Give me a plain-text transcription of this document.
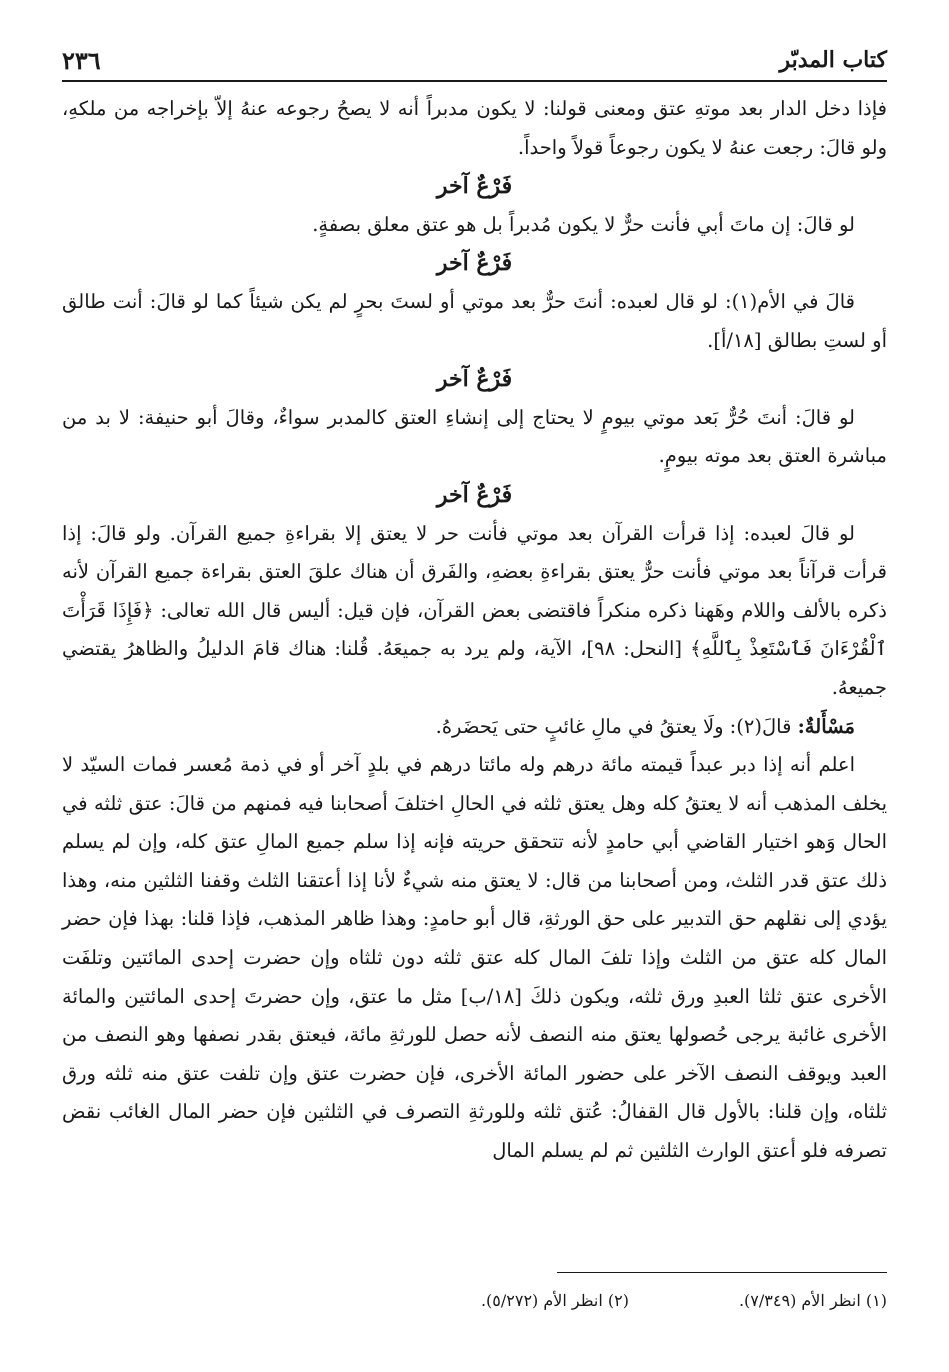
كتاب المدبّر
٢٣٦

فإذا دخل الدار بعد موتهِ عتق ومعنى قولنا: لا يكون مدبراً أنه لا يصحُ رجوعه عنهُ إلاّ بإخراجه من ملكهِ، ولو قالَ: رجعت عنهُ لا يكون رجوعاً قولاً واحداً.

فَرْعٌ آخر

لو قالَ: إن ماتَ أبي فأنت حرٌّ لا يكون مُدبراً بل هو عتق معلق بصفةٍ.

فَرْعٌ آخر

قالَ في الأم(١): لو قال لعبده: أنتَ حرٌّ بعد موتي أو لستَ بحرٍ لم يكن شيئاً كما لو قالَ: أنت طالق أو لستِ بطالق [١٨/أ].

فَرْعٌ آخر

لو قالَ: أنتَ حُرٌّ بَعد موتي بيومٍ لا يحتاج إلى إنشاءِ العتق كالمدبر سواءٌ، وقالَ أبو حنيفة: لا بد من مباشرة العتق بعد موته بيومٍ.

فَرْعٌ آخر

لو قالَ لعبده: إذا قرأت القرآن بعد موتي فأنت حر لا يعتق إلا بقراءةِ جميع القرآن. ولو قالَ: إذا قرأت قرآناً بعد موتي فأنت حرٌّ يعتق بقراءةِ بعضهِ، والفَرق أن هناك علقَ العتق بقراءة جميع القرآن لأنه ذكره بالألف واللام وهَهنا ذكره منكراً فاقتضى بعض القرآن، فإن قيل: أليس قال الله تعالى: ﴿فَإِذَا قَرَأْتَ ٱلْقُرْءَانَ فَٱسْتَعِذْ بِٱللَّهِ﴾ [النحل: ٩٨]، الآية، ولم يرد به جميعَهُ. قُلنا: هناك قامَ الدليلُ والظاهرُ يقتضي جميعهُ.

مَسْأَلةٌ: قالَ(٢): ولَا يعتقُ في مالِ غائبٍ حتى يَحضَرهُ.

اعلم أنه إذا دبر عبداً قيمته مائة درهم وله مائتا درهم في بلدٍ آخر أو في ذمة مُعسر فمات السيّد لا يخلف المذهب أنه لا يعتقُ كله وهل يعتق ثلثه في الحالِ اختلفَ أصحابنا فيه فمنهم من قالَ: عتق ثلثه في الحال وَهو اختيار القاضي أبي حامدٍ لأنه تتحقق حريته فإنه إذا سلم جميع المالِ عتق كله، وإن لم يسلم ذلك عتق قدر الثلث، ومن أصحابنا من قال: لا يعتق منه شيءٌ لأنا إذا أعتقنا الثلث وقفنا الثلثين منه، وهذا يؤدي إلى نقلهم حق التدبير على حق الورثةِ، قال أبو حامدٍ: وهذا ظاهر المذهب، فإذا قلنا: بهذا فإن حضر المال كله عتق من الثلث وإذا تلفَ المال كله عتق ثلثه دون ثلثاه وإن حضرت إحدى المائتين وتلفَت الأخرى عتق ثلثا العبدِ ورق ثلثه، ويكون ذلكَ [١٨/ب] مثل ما عتق، وإن حضرتَ إحدى المائتين والمائة الأخرى غائبة يرجى حُصولها يعتق منه النصف لأنه حصل للورثةِ مائة، فيعتق بقدر نصفها وهو النصف من العبد ويوقف النصف الآخر على حضور المائة الأخرى، فإن حضرت عتق وإن تلفت عتق منه ثلثه ورق ثلثاه، وإن قلنا: بالأول قال القفالُ: عُتق ثلثه وللورثةِ التصرف في الثلثين فإن حضر المال الغائب نقض تصرفه فلو أعتق الوارث الثلثين ثم لم يسلم المال

(١) انظر الأم (٧/٣٤٩).
(٢) انظر الأم (٥/٢٧٢).
